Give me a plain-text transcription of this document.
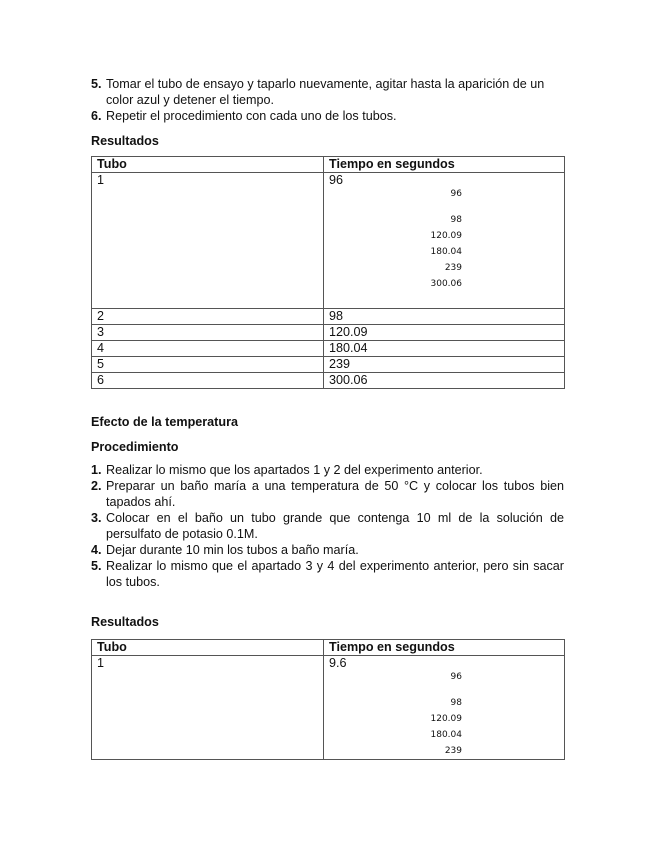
5. Tomar el tubo de ensayo y taparlo nuevamente, agitar hasta la aparición de un color azul y detener el tiempo.
6. Repetir el procedimiento con cada uno de los tubos.
Resultados
Tubo	Tiempo en segundos
1	96
96
98
120.09
180.04
239
300.06

2	98
3	120.09
4	180.04
5	239
6	300.06
Efecto de la temperatura
Procedimiento
1. Realizar lo mismo que los apartados 1 y 2 del experimento anterior.
2. Preparar un baño maría a una temperatura de 50 °C y colocar los tubos bien tapados ahí.
3. Colocar en el baño un tubo grande que contenga 10 ml de la solución de persulfato de potasio 0.1M.
4. Dejar durante 10 min los tubos a baño maría.
5. Realizar lo mismo que el apartado 3 y 4 del experimento anterior, pero sin sacar los tubos.
Resultados
Tubo	Tiempo en segundos
1	9.6
96
98
120.09
180.04
239
